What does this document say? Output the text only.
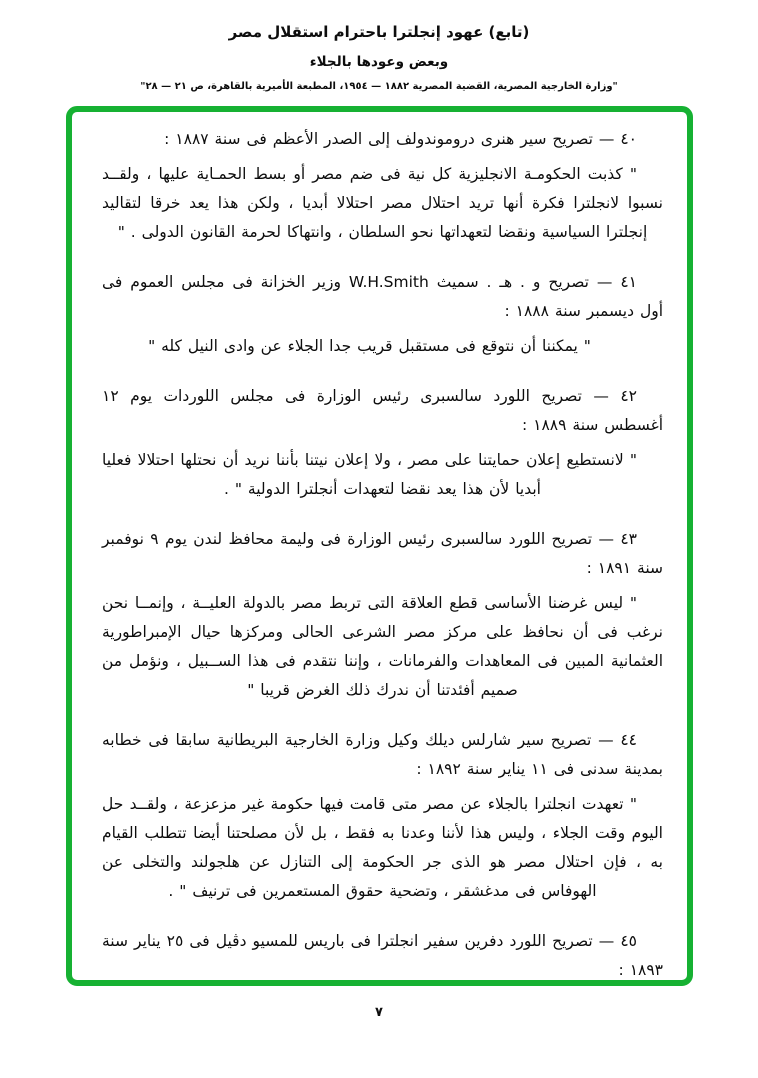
(تابع) عهود إنجلترا باحترام استقلال مصر
وبعض وعودها بالجلاء
"وزارة الخارجية المصرية، القضية المصرية ١٨٨٢ — ١٩٥٤، المطبعة الأميرية بالقاهرة، ص ٢١ — ٢٨"

٤٠ — تصريح سير هنرى دروموندولف إلى الصدر الأعظم فى سنة ١٨٨٧ :

" كذبت الحكومـة الانجليزية كل نية فى ضم مصر أو بسط الحمـاية عليها ، ولقــد نسبوا لانجلترا فكرة أنها تريد احتلال مصر احتلالا أبديا ، ولكن هذا يعد خرقا لتقاليد إنجلترا السياسية ونقضا لتعهداتها نحو السلطان ، وانتهاكا لحرمة القانون الدولى . "

٤١ — تصريح و . هـ . سميث W.H.Smith وزير الخزانة فى مجلس العموم فى أول ديسمبر سنة ١٨٨٨ :

" يمكننا أن نتوقع فى مستقبل قريب جدا الجلاء عن وادى النيل كله "

٤٢ — تصريح اللورد سالسبرى رئيس الوزارة فى مجلس اللوردات يوم ١٢ أغسطس سنة ١٨٨٩ :

" لانستطيع إعلان حمايتنا على مصر ، ولا إعلان نيتنا بأننا نريد أن نحتلها احتلالا فعليا أبديا لأن هذا يعد نقضا لتعهدات أنجلترا الدولية " .

٤٣ — تصريح اللورد سالسبرى رئيس الوزارة فى وليمة محافظ لندن يوم ٩ نوفمبر سنة ١٨٩١ :

" ليس غرضنا الأساسى قطع العلاقة التى تربط مصر بالدولة العليــة ، وإنمــا نحن نرغب فى أن نحافظ على مركز مصر الشرعى الحالى ومركزها حيال الإمبراطورية العثمانية المبين فى المعاهدات والفرمانات ، وإننا نتقدم فى هذا الســبيل ، ونؤمل من صميم أفئدتنا أن ندرك ذلك الغرض قريبا "

٤٤ — تصريح سير شارلس ديلك وكيل وزارة الخارجية البريطانية سابقا فى خطابه بمدينة سدنى فى ١١ يناير سنة ١٨٩٢ :

" تعهدت انجلترا بالجلاء عن مصر متى قامت فيها حكومة غير مزعزعة ، ولقــد حل اليوم وقت الجلاء ، وليس هذا لأننا وعدنا به فقط ، بل لأن مصلحتنا أيضا تتطلب القيام به ، فإن احتلال مصر هو الذى جر الحكومة إلى التنازل عن هلجولند والتخلى عن الهوفاس فى مدغشقر ، وتضحية حقوق المستعمرين فى ترنيف " .

٤٥ — تصريح اللورد دفرين سفير انجلترا فى باريس للمسيو دڤيل فى ٢٥ يناير سنة ١٨٩٣ :

٧
